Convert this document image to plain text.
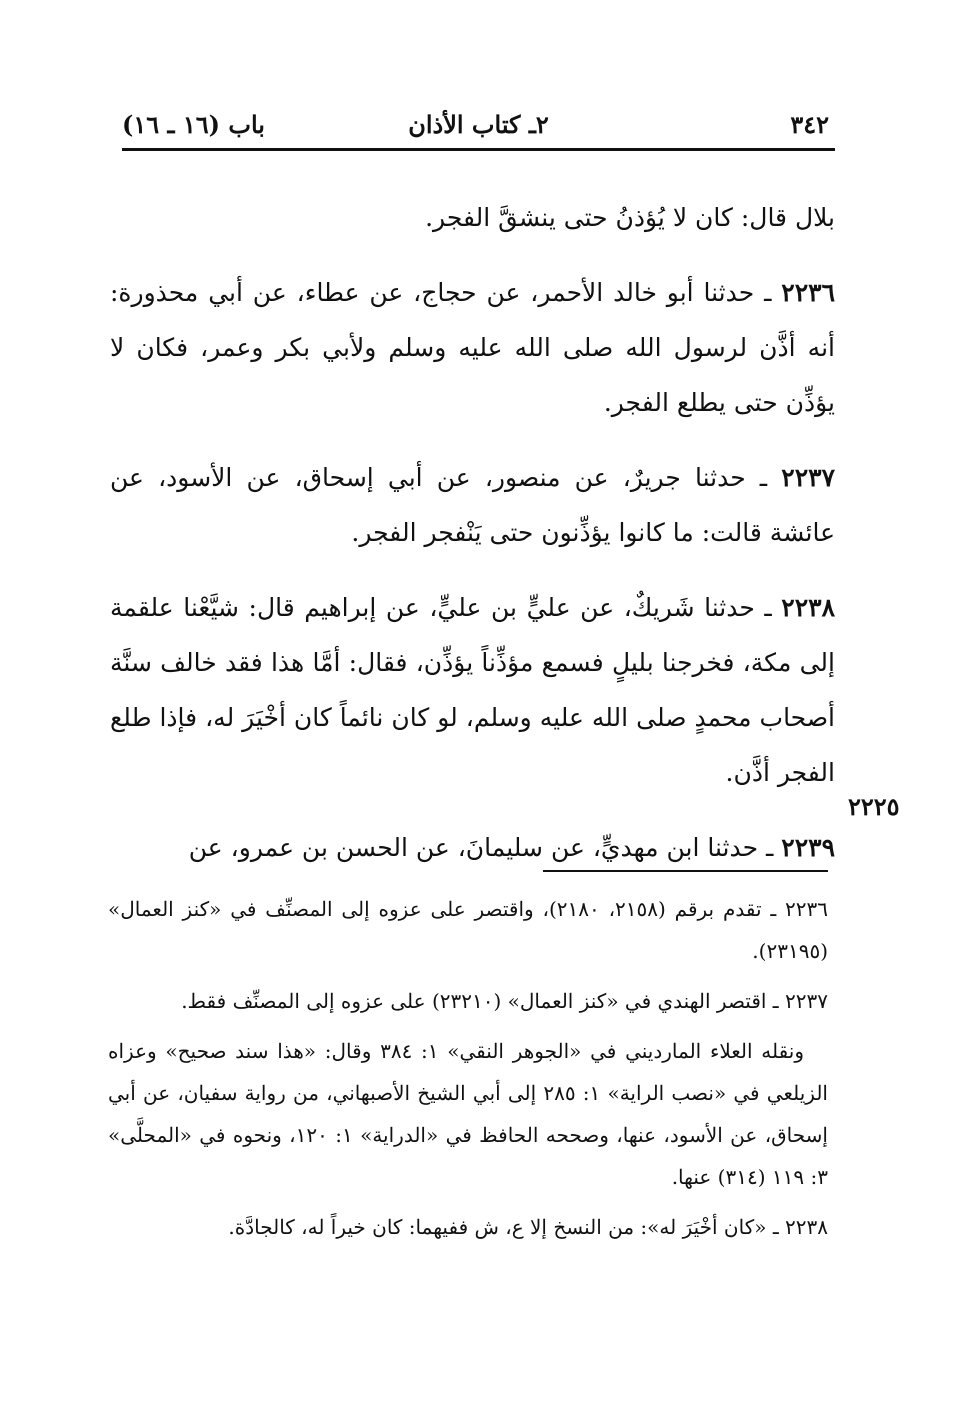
٣٤٢
٢ـ كتاب الأذان
باب (١٦ ـ ١٦)

بلال قال: كان لا يُؤذنُ حتى ينشقَّ الفجر.

٢٢٣٦ ـ حدثنا أبو خالد الأحمر، عن حجاج، عن عطاء، عن أبي محذورة: أنه أذَّن لرسول الله صلى الله عليه وسلم ولأبي بكر وعمر، فكان لا يؤذِّن حتى يطلع الفجر.

٢٢٣٧ ـ حدثنا جريرٌ، عن منصور، عن أبي إسحاق، عن الأسود، عن عائشة قالت: ما كانوا يؤذِّنون حتى يَنْفجر الفجر.

٢٢٣٨ ـ حدثنا شَريكٌ، عن عليٍّ بن عليٍّ، عن إبراهيم قال: شيَّعْنا علقمة إلى مكة، فخرجنا بليلٍ فسمع مؤذِّناً يؤذِّن، فقال: أمَّا هذا فقد خالف سنَّة أصحاب محمدٍ صلى الله عليه وسلم، لو كان نائماً كان أخْيَرَ له، فإذا طلع الفجر أذَّن.

٢٢٣٩ ـ حدثنا ابن مهديٍّ، عن سليمانَ، عن الحسن بن عمرو، عن

٢٢٢٥

٢٢٣٦ ـ تقدم برقم (٢١٥٨، ٢١٨٠)، واقتصر على عزوه إلى المصنِّف في «كنز العمال» (٢٣١٩٥).

٢٢٣٧ ـ اقتصر الهندي في «كنز العمال» (٢٣٢١٠) على عزوه إلى المصنِّف فقط.

ونقله العلاء المارديني في «الجوهر النقي» ١: ٣٨٤ وقال: «هذا سند صحيح» وعزاه الزيلعي في «نصب الراية» ١: ٢٨٥ إلى أبي الشيخ الأصبهاني، من رواية سفيان، عن أبي إسحاق، عن الأسود، عنها، وصححه الحافظ في «الدراية» ١: ١٢٠، ونحوه في «المحلَّى» ٣: ١١٩ (٣١٤) عنها.

٢٢٣٨ ـ «كان أخْيَرَ له»: من النسخ إلا ع، ش ففيهما: كان خيراً له، كالجادَّة.
